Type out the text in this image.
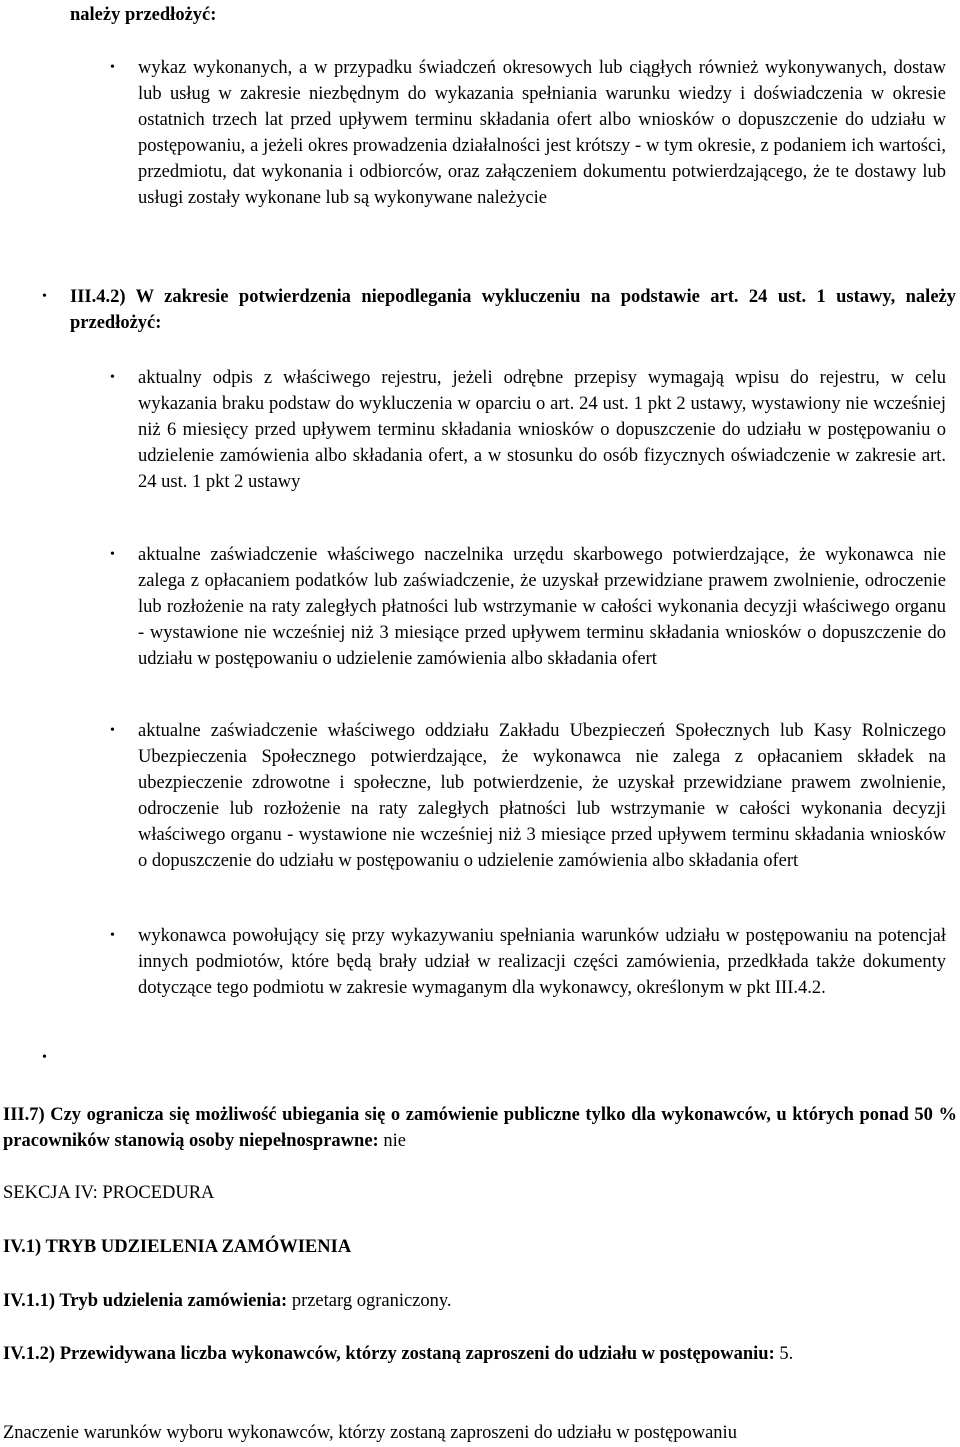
należy przedłożyć:
• wykaz wykonanych, a w przypadku świadczeń okresowych lub ciągłych również wykonywanych, dostaw lub usług w zakresie niezbędnym do wykazania spełniania warunku wiedzy i doświadczenia w okresie ostatnich trzech lat przed upływem terminu składania ofert albo wniosków o dopuszczenie do udziału w postępowaniu, a jeżeli okres prowadzenia działalności jest krótszy - w tym okresie, z podaniem ich wartości, przedmiotu, dat wykonania i odbiorców, oraz załączeniem dokumentu potwierdzającego, że te dostawy lub usługi zostały wykonane lub są wykonywane należycie
• III.4.2) W zakresie potwierdzenia niepodlegania wykluczeniu na podstawie art. 24 ust. 1 ustawy, należy przedłożyć:
• aktualny odpis z właściwego rejestru, jeżeli odrębne przepisy wymagają wpisu do rejestru, w celu wykazania braku podstaw do wykluczenia w oparciu o art. 24 ust. 1 pkt 2 ustawy, wystawiony nie wcześniej niż 6 miesięcy przed upływem terminu składania wniosków o dopuszczenie do udziału w postępowaniu o udzielenie zamówienia albo składania ofert, a w stosunku do osób fizycznych oświadczenie w zakresie art. 24 ust. 1 pkt 2 ustawy
• aktualne zaświadczenie właściwego naczelnika urzędu skarbowego potwierdzające, że wykonawca nie zalega z opłacaniem podatków lub zaświadczenie, że uzyskał przewidziane prawem zwolnienie, odroczenie lub rozłożenie na raty zaległych płatności lub wstrzymanie w całości wykonania decyzji właściwego organu - wystawione nie wcześniej niż 3 miesiące przed upływem terminu składania wniosków o dopuszczenie do udziału w postępowaniu o udzielenie zamówienia albo składania ofert
• aktualne zaświadczenie właściwego oddziału Zakładu Ubezpieczeń Społecznych lub Kasy Rolniczego Ubezpieczenia Społecznego potwierdzające, że wykonawca nie zalega z opłacaniem składek na ubezpieczenie zdrowotne i społeczne, lub potwierdzenie, że uzyskał przewidziane prawem zwolnienie, odroczenie lub rozłożenie na raty zaległych płatności lub wstrzymanie w całości wykonania decyzji właściwego organu - wystawione nie wcześniej niż 3 miesiące przed upływem terminu składania wniosków o dopuszczenie do udziału w postępowaniu o udzielenie zamówienia albo składania ofert
• wykonawca powołujący się przy wykazywaniu spełniania warunków udziału w postępowaniu na potencjał innych podmiotów, które będą brały udział w realizacji części zamówienia, przedkłada także dokumenty dotyczące tego podmiotu w zakresie wymaganym dla wykonawcy, określonym w pkt III.4.2.
•
III.7) Czy ogranicza się możliwość ubiegania się o zamówienie publiczne tylko dla wykonawców, u których ponad 50 % pracowników stanowią osoby niepełnosprawne: nie
SEKCJA IV: PROCEDURA
IV.1) TRYB UDZIELENIA ZAMÓWIENIA
IV.1.1) Tryb udzielenia zamówienia: przetarg ograniczony.
IV.1.2) Przewidywana liczba wykonawców, którzy zostaną zaproszeni do udziału w postępowaniu: 5.
Znaczenie warunków wyboru wykonawców, którzy zostaną zaproszeni do udziału w postępowaniu
